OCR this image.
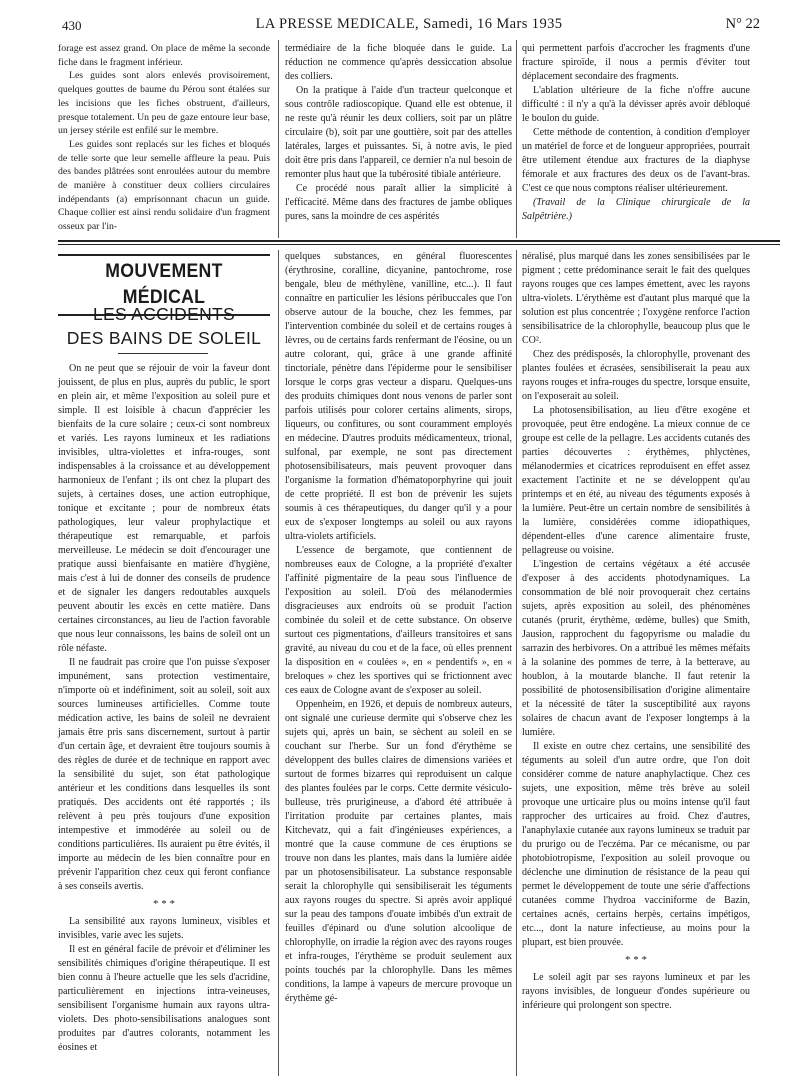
430	LA PRESSE MEDICALE, Samedi, 16 Mars 1935	N° 22

forage est assez grand. On place de même la seconde fiche dans le fragment inférieur.

Les guides sont alors enlevés provisoirement, quelques gouttes de baume du Pérou sont étalées sur les incisions que les fiches obstruent, d'ailleurs, presque totalement. Un peu de gaze entoure leur base, un jersey stérile est enfilé sur le membre.

Les guides sont replacés sur les fiches et bloqués de telle sorte que leur semelle affleure la peau. Puis des bandes plâtrées sont enroulées autour du membre de manière à constituer deux colliers circulaires indépendants (a) emprisonnant chacun un guide. Chaque collier est ainsi rendu solidaire d'un fragment osseux par l'in-

termédiaire de la fiche bloquée dans le guide. La réduction ne commence qu'après dessiccation absolue des colliers.

On la pratique à l'aide d'un tracteur quelconque et sous contrôle radioscopique. Quand elle est obtenue, il ne reste qu'à réunir les deux colliers, soit par un plâtre circulaire (b), soit par une gouttière, soit par des attelles latérales, larges et puissantes. Si, à notre avis, le pied doit être pris dans l'appareil, ce dernier n'a nul besoin de remonter plus haut que la tubérosité tibiale antérieure.

Ce procédé nous paraît allier la simplicité à l'efficacité. Même dans des fractures de jambe obliques pures, sans la moindre de ces aspérités

qui permettent parfois d'accrocher les fragments d'une fracture spiroïde, il nous a permis d'éviter tout déplacement secondaire des fragments.

L'ablation ultérieure de la fiche n'offre aucune difficulté : il n'y a qu'à la dévisser après avoir débloqué le boulon du guide.

Cette méthode de contention, à condition d'employer un matériel de force et de longueur appropriées, pourrait être utilement étendue aux fractures de la diaphyse fémorale et aux fractures des deux os de l'avant-bras. C'est ce que nous comptons réaliser ultérieurement.

(Travail de la Clinique chirurgicale de la Salpêtrière.)

MOUVEMENT MÉDICAL
LES ACCIDENTS
DES BAINS DE SOLEIL

On ne peut que se réjouir de voir la faveur dont jouissent, de plus en plus, auprès du public, le sport en plein air, et même l'exposition au soleil pure et simple. Il est loisible à chacun d'apprécier les bienfaits de la cure solaire ; ceux-ci sont nombreux et variés. Les rayons lumineux et les radiations invisibles, ultra-violettes et infra-rouges, sont indispensables à la croissance et au développement harmonieux de l'enfant ; ils ont chez la plupart des sujets, à certaines doses, une action eutrophique, tonique et excitante ; pour de nombreux états pathologiques, leur valeur prophylactique et thérapeutique est remarquable, et parfois merveilleuse. Le médecin se doit d'encourager une pratique aussi bienfaisante en matière d'hygiène, mais c'est à lui de donner des conseils de prudence et de signaler les dangers redoutables auxquels peuvent aboutir les excès en cette matière. Dans certaines circonstances, au lieu de l'action favorable que nous leur connaissons, les bains de soleil ont un rôle néfaste.

Il ne faudrait pas croire que l'on puisse s'exposer impunément, sans protection vestimentaire, n'importe où et indéfiniment, soit au soleil, soit aux sources lumineuses artificielles. Comme toute médication active, les bains de soleil ne devraient jamais être pris sans discernement, surtout à partir d'un certain âge, et devraient être toujours soumis à des règles de durée et de technique en rapport avec la sensibilité du sujet, son état pathologique antérieur et les conditions dans lesquelles ils sont pratiqués. Des accidents ont été rapportés ; ils relèvent à peu près toujours d'une exposition intempestive et immodérée au soleil ou de conditions particulières. Ils auraient pu être évités, il importe au médecin de les bien connaître pour en prévenir l'apparition chez ceux qui feront confiance à ses conseils avertis.

* * *

La sensibilité aux rayons lumineux, visibles et invisibles, varie avec les sujets.

Il est en général facile de prévoir et d'éliminer les sensibilités chimiques d'origine thérapeutique. Il est bien connu à l'heure actuelle que les sels d'acridine, particulièrement en injections intra-veineuses, sensibilisent l'organisme humain aux rayons ultra-violets. Des photo-sensibilisations analogues sont produites par d'autres colorants, notamment les éosines et

quelques substances, en général fluorescentes (érythrosine, coralline, dicyanine, pantochrome, rose bengale, bleu de méthylène, vanilline, etc...). Il faut connaître en particulier les lésions péribuccales que l'on observe autour de la bouche, chez les femmes, par l'intervention combinée du soleil et de certains rouges à lèvres, ou de certains fards renfermant de l'éosine, ou un autre colorant, qui, grâce à une grande affinité tinctoriale, pénètre dans l'épiderme pour le sensibiliser lorsque le corps gras vecteur a disparu. Quelques-uns des produits chimiques dont nous venons de parler sont parfois utilisés pour colorer certains aliments, sirops, liqueurs, ou confitures, ou sont couramment employés en médecine. D'autres produits médicamenteux, trional, sulfonal, par exemple, ne sont pas directement photosensibilisateurs, mais peuvent provoquer dans l'organisme la formation d'hématoporphyrine qui jouit de cette propriété. Il est bon de prévenir les sujets soumis à ces thérapeutiques, du danger qu'il y a pour eux de s'exposer longtemps au soleil ou aux rayons ultra-violets artificiels.

L'essence de bergamote, que contiennent de nombreuses eaux de Cologne, a la propriété d'exalter l'affinité pigmentaire de la peau sous l'influence de l'exposition au soleil. D'où des mélanodermies disgracieuses aux endroits où se produit l'action combinée du soleil et de cette substance. On observe surtout ces pigmentations, d'ailleurs transitoires et sans gravité, au niveau du cou et de la face, où elles prennent la disposition en « coulées », en « pendentifs », en « breloques » chez les sportives qui se frictionnent avec ces eaux de Cologne avant de s'exposer au soleil.

Oppenheim, en 1926, et depuis de nombreux auteurs, ont signalé une curieuse dermite qui s'observe chez les sujets qui, après un bain, se sèchent au soleil en se couchant sur l'herbe. Sur un fond d'érythème se développent des bulles claires de dimensions variées et surtout de formes bizarres qui reproduisent un calque des plantes foulées par le corps. Cette dermite vésiculo-bulleuse, très prurigineuse, a d'abord été attribuée à l'irritation produite par certaines plantes, mais Kitchevatz, qui a fait d'ingénieuses expériences, a montré que la cause commune de ces éruptions se trouve non dans les plantes, mais dans la lumière aidée par un photosensibilisateur. La substance responsable serait la chlorophylle qui sensibiliserait les téguments aux rayons rouges du spectre. Si après avoir appliqué sur la peau des tampons d'ouate imbibés d'un extrait de feuilles d'épinard ou d'une solution alcoolique de chlorophylle, on irradie la région avec des rayons rouges et infra-rouges, l'érythème se produit seulement aux points touchés par la chlorophylle. Dans les mêmes conditions, la lampe à vapeurs de mercure provoque un érythème gé-

néralisé, plus marqué dans les zones sensibilisées par le pigment ; cette prédominance serait le fait des quelques rayons rouges que ces lampes émettent, avec les rayons ultra-violets. L'érythème est d'autant plus marqué que la solution est plus concentrée ; l'oxygène renforce l'action sensibilisatrice de la chlorophylle, beaucoup plus que le CO².

Chez des prédisposés, la chlorophylle, provenant des plantes foulées et écrasées, sensibiliserait la peau aux rayons rouges et infra-rouges du spectre, lorsque ensuite, on l'exposerait au soleil.

La photosensibilisation, au lieu d'être exogène et provoquée, peut être endogène. La mieux connue de ce groupe est celle de la pellagre. Les accidents cutanés des parties découvertes : érythèmes, phlyctènes, mélanodermies et cicatrices reproduisent en effet assez exactement l'actinite et ne se développent qu'au printemps et en été, au niveau des téguments exposés à la lumière. Peut-être un certain nombre de sensibilités à la lumière, considérées comme idiopathiques, dépendent-elles d'une carence alimentaire fruste, pellagreuse ou voisine.

L'ingestion de certains végétaux a été accusée d'exposer à des accidents photodynamiques. La consommation de blé noir provoquerait chez certains sujets, après exposition au soleil, des phénomènes cutanés (prurit, érythème, œdème, bulles) que Smith, Jausion, rapprochent du fagopyrisme ou maladie du sarrazin des herbivores. On a attribué les mêmes méfaits à la solanine des pommes de terre, à la betterave, au houblon, à la moutarde blanche. Il faut retenir la possibilité de photosensibilisation d'origine alimentaire et la nécessité de tâter la susceptibilité aux rayons solaires de chacun avant de l'exposer longtemps à la lumière.

Il existe en outre chez certains, une sensibilité des téguments au soleil d'un autre ordre, que l'on doit considérer comme de nature anaphylactique. Chez ces sujets, une exposition, même très brève au soleil provoque une urticaire plus ou moins intense qu'il faut rapprocher des urticaires au froid. Chez d'autres, l'anaphylaxie cutanée aux rayons lumineux se traduit par du prurigo ou de l'eczéma. Par ce mécanisme, ou par photobiotropisme, l'exposition au soleil provoque ou déclenche une diminution de résistance de la peau qui permet le développement de toute une série d'affections cutanées comme l'hydroa vacciniforme de Bazin, certaines acnés, certains herpès, certains impétigos, etc..., dont la nature infectieuse, au moins pour la plupart, est bien prouvée.

* * *

Le soleil agit par ses rayons lumineux et par les rayons invisibles, de longueur d'ondes supérieure ou inférieure qui prolongent son spectre.
